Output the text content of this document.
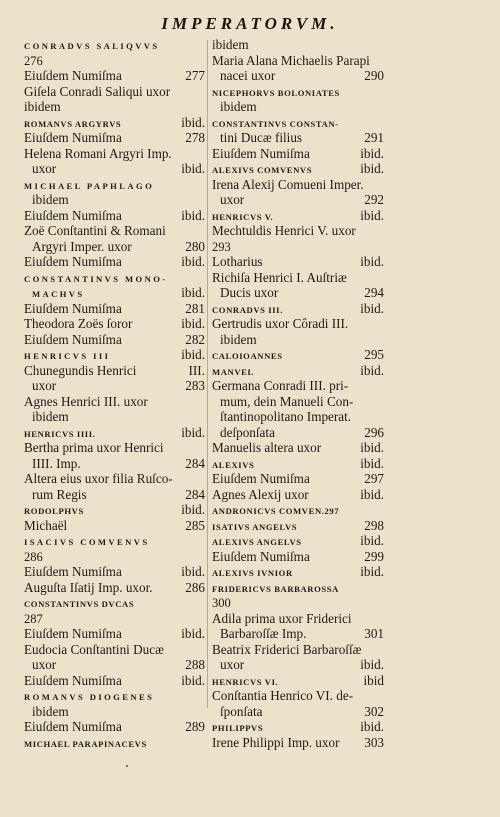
IMPERATORVM.
CONRADVS SALIQVVS
276
Eiuſdem Numiſma	277
Giſela Conradi Saliqui uxor
ibidem
ROMANVS ARGYRVS	ibid.
Eiuſdem Numiſma	278
Helena Romani Argyri Imp.
uxor	ibid.
MICHAEL PAPHLAGO
ibidem
Eiuſdem Numiſma	ibid.
Zoë Conſtantini & Romani
Argyri Imper. uxor	280
Eiuſdem Numiſma	ibid.
CONSTANTINVS MONO-
MACHVS	ibid.
Eiuſdem Numiſma	281
Theodora Zoës ſoror	ibid.
Eiuſdem Numiſma	282
HENRICVS III	ibid.
Chunegundis Henrici	III.
uxor	283
Agnes Henrici III. uxor
ibidem
HENRICVS IIII.	ibid.
Bertha prima uxor Henrici
IIII. Imp.	284
Altera eius uxor filia Ruſco-
rum Regis	284
RODOLPHVS	ibid.
Michaël	285
ISACIVS COMVENVS
286
Eiuſdem Numiſma	ibid.
Auguſta Iſatij Imp. uxor. 286
CONSTANTINVS DVCAS
287
Eiuſdem Numiſma	ibid.
Eudocia Conſtantini Ducæ
uxor	288
Eiuſdem Numiſma	ibid.
ROMANVS DIOGENES
ibidem
Eiuſdem Numiſma	289
MICHAEL PARAPINACEVS
ibidem
Maria Alana Michaelis Parapi
nacei uxor	290
NICEPHORVS BOLONIATES
ibidem
CONSTANTINVS CONSTAN-
tini Ducæ filius	291
Eiuſdem Numiſma	ibid.
ALEXIVS COMVENVS	ibid.
Irena Alexij Comueni Imper.
uxor	292
HENRICVS V.	ibid.
Mechtuldis Henrici V. uxor
293
Lotharius	ibid.
Richiſa Henrici I. Auſtriæ
Ducis uxor	294
CONRADVS III.	ibid.
Gertrudis uxor Côradi III.
ibidem
CALOIOANNES	295
MANVEL	ibid.
Germana Conradi III. pri-
mum, dein Manueli Con-
ſtantinopolitano Imperat.
deſponſata	296
Manuelis altera uxor	ibid.
ALEXIVS	ibid.
Eiuſdem Numiſma	297
Agnes Alexij uxor	ibid.
ANDRONICVS COMVEN.297
ISATIVS ANGELVS	298
ALEXIVS ANGELVS	ibid.
Eiuſdem Numiſma	299
ALEXIVS IVNIOR	ibid.
FRIDERICVS BARBAROSSA
300
Adila prima uxor Friderici
Barbaroſſæ Imp.	301
Beatrix Friderici Barbaroſſæ
uxor	ibid.
HENRICVS VI.	ibid
Conſtantia Henrico VI. de-
ſponſata	302
PHILIPPVS	ibid.
Irene Philippi Imp. uxor 303
